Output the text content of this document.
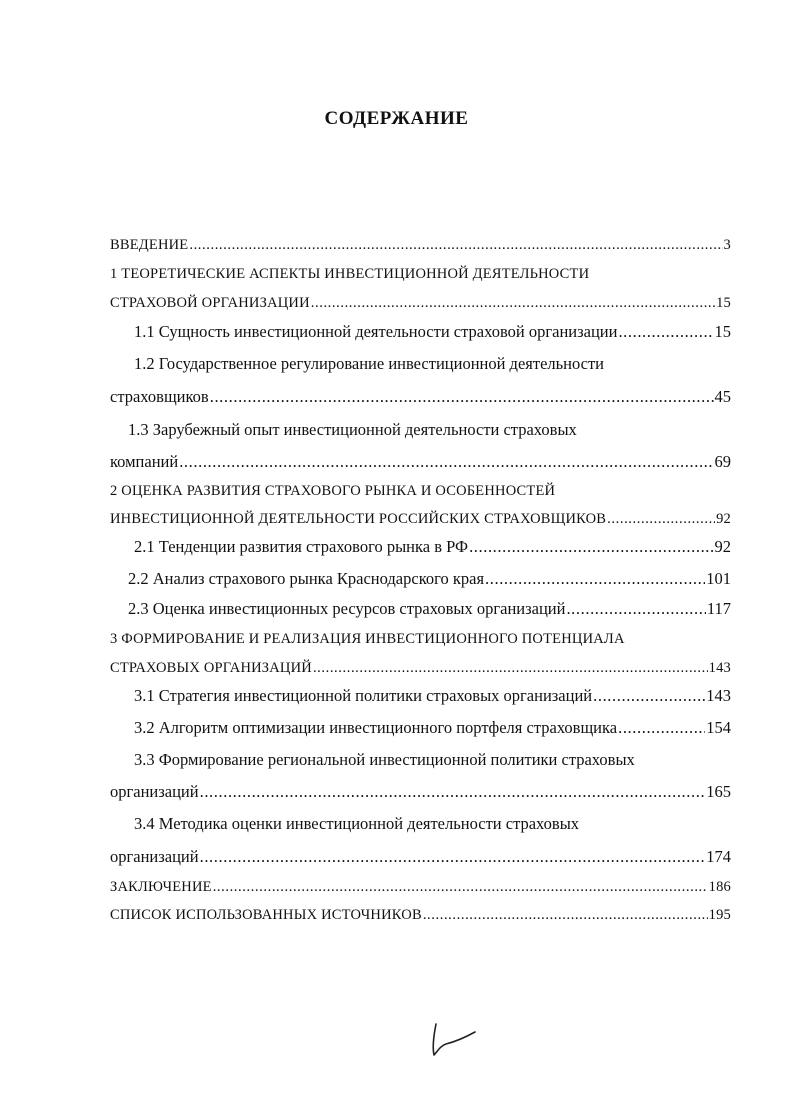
СОДЕРЖАНИЕ
ВВЕДЕНИЕ .....	3
1 ТЕОРЕТИЧЕСКИЕ АСПЕКТЫ ИНВЕСТИЦИОННОЙ ДЕЯТЕЛЬНОСТИ
СТРАХОВОЙ ОРГАНИЗАЦИИ .....	15
1.1 Сущность инвестиционной деятельности страховой организации .....	15
1.2 Государственное регулирование инвестиционной деятельности
страховщиков .....	45
1.3 Зарубежный опыт инвестиционной деятельности страховых
компаний .....	69
2 ОЦЕНКА РАЗВИТИЯ СТРАХОВОГО РЫНКА И ОСОБЕННОСТЕЙ
ИНВЕСТИЦИОННОЙ ДЕЯТЕЛЬНОСТИ РОССИЙСКИХ СТРАХОВЩИКОВ .....	92
2.1 Тенденции развития страхового рынка в РФ .....	92
2.2 Анализ страхового рынка Краснодарского края .....	101
2.3 Оценка инвестиционных ресурсов страховых организаций .....	117
3 ФОРМИРОВАНИЕ И РЕАЛИЗАЦИЯ ИНВЕСТИЦИОННОГО ПОТЕНЦИАЛА
СТРАХОВЫХ ОРГАНИЗАЦИЙ .....	143
3.1 Стратегия инвестиционной политики страховых организаций .....	143
3.2 Алгоритм оптимизации инвестиционного портфеля страховщика .....	154
3.3 Формирование региональной инвестиционной политики страховых
организаций .....	165
3.4 Методика оценки инвестиционной деятельности страховых
организаций .....	174
ЗАКЛЮЧЕНИЕ .....	186
СПИСОК ИСПОЛЬЗОВАННЫХ ИСТОЧНИКОВ .....	195
